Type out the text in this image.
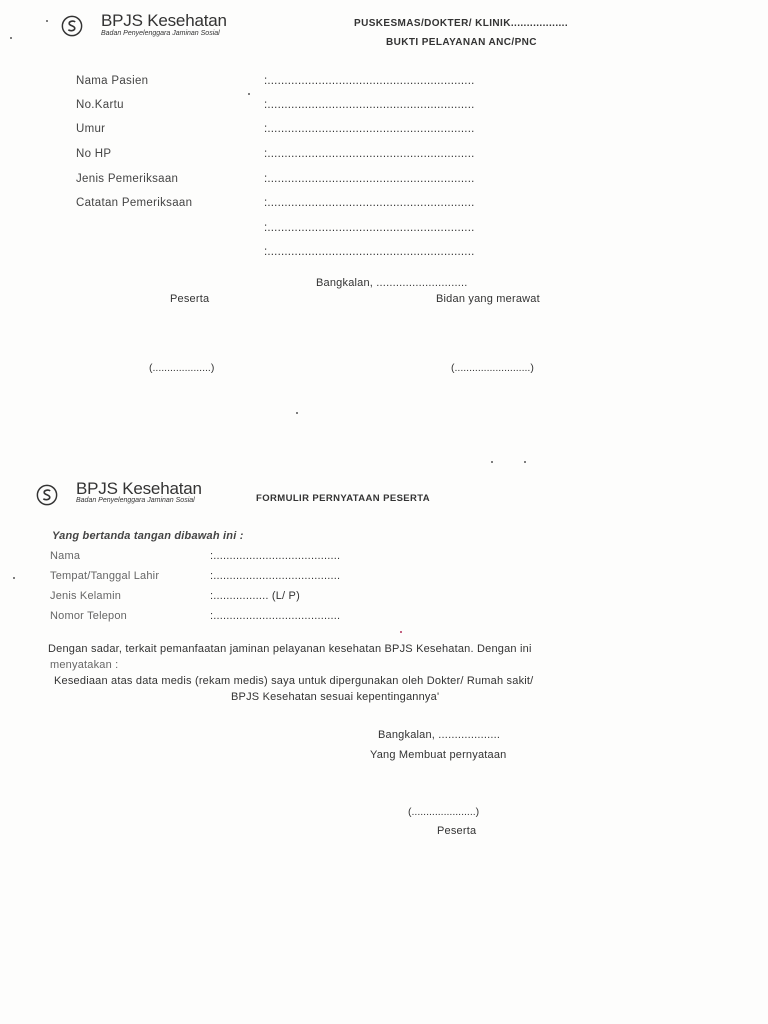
BPJS Kesehatan
Badan Penyelenggara Jaminan Sosial
PUSKESMAS/DOKTER/ KLINIK..................
BUKTI PELAYANAN ANC/PNC
Nama Pasien	:.............................................................
No.Kartu	:.............................................................
Umur	:.............................................................
No HP	:.............................................................
Jenis Pemeriksaan	:.............................................................
Catatan Pemeriksaan	:.............................................................
:.............................................................
:.............................................................
Bangkalan, ............................
Peserta	Bidan yang merawat
(....................)	(..........................)
BPJS Kesehatan
Badan Penyelenggara Jaminan Sosial	FORMULIR PERNYATAAN PESERTA
Yang bertanda tangan dibawah ini :
Nama	:.......................................
Tempat/Tanggal Lahir	:.......................................
Jenis Kelamin	:................. (L/ P)
Nomor Telepon	:.......................................
Dengan sadar, terkait pemanfaatan jaminan pelayanan kesehatan BPJS Kesehatan. Dengan ini
menyatakan :
Kesediaan atas data medis (rekam medis) saya untuk dipergunakan oleh Dokter/ Rumah sakit/
BPJS Kesehatan sesuai kepentingannya'
Bangkalan, ...................
Yang Membuat pernyataan
(......................)
Peserta
